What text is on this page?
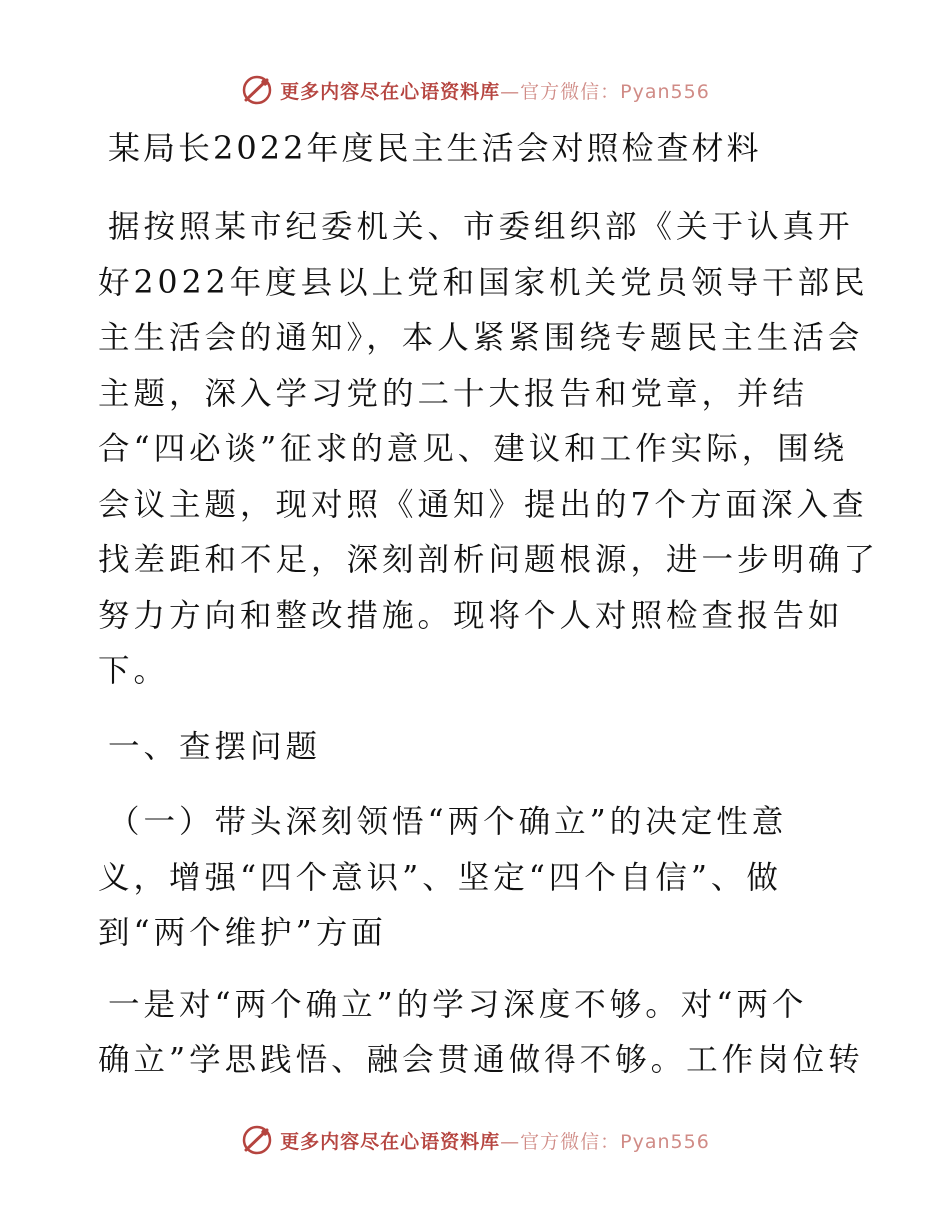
更多内容尽在心语资料库—官方微信：Pyan556
某局长2022年度民主生活会对照检查材料

据按照某市纪委机关、市委组织部《关于认真开

好2022年度县以上党和国家机关党员领导干部民

主生活会的通知》，本人紧紧围绕专题民主生活会

主题，深入学习党的二十大报告和党章，并结

合“四必谈”征求的意见、建议和工作实际，围绕

会议主题，现对照《通知》提出的7个方面深入查

找差距和不足，深刻剖析问题根源，进一步明确了

努力方向和整改措施。现将个人对照检查报告如

下。

一、查摆问题

（一）带头深刻领悟“两个确立”的决定性意

义，增强“四个意识”、坚定“四个自信”、做

到“两个维护”方面

一是对“两个确立”的学习深度不够。对“两个

确立”学思践悟、融会贯通做得不够。工作岗位转

更多内容尽在心语资料库—官方微信：Pyan556
